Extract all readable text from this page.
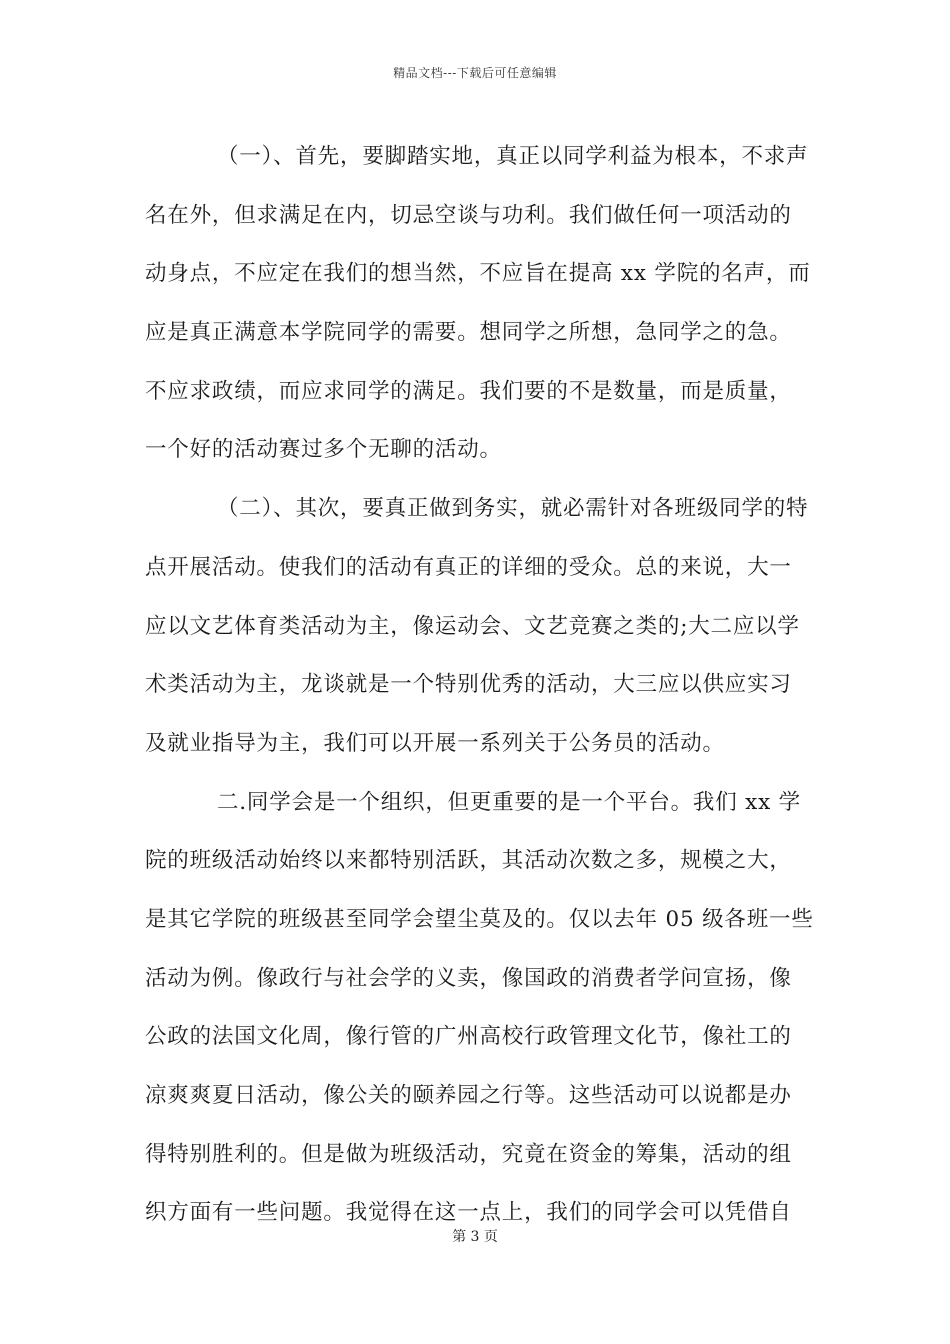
精品文档---下载后可任意编辑
（一）、首先，要脚踏实地，真正以同学利益为根本，不求声
名在外，但求满足在内，切忌空谈与功利。我们做任何一项活动的
动身点，不应定在我们的想当然，不应旨在提高 xx 学院的名声，而
应是真正满意本学院同学的需要。想同学之所想，急同学之的急。
不应求政绩，而应求同学的满足。我们要的不是数量，而是质量，
一个好的活动赛过多个无聊的活动。
（二）、其次，要真正做到务实，就必需针对各班级同学的特
点开展活动。使我们的活动有真正的详细的受众。总的来说，大一
应以文艺体育类活动为主，像运动会、文艺竞赛之类的;大二应以学
术类活动为主，龙谈就是一个特别优秀的活动，大三应以供应实习
及就业指导为主，我们可以开展一系列关于公务员的活动。
二.同学会是一个组织，但更重要的是一个平台。我们 xx 学
院的班级活动始终以来都特别活跃，其活动次数之多，规模之大，
是其它学院的班级甚至同学会望尘莫及的。仅以去年 05 级各班一些
活动为例。像政行与社会学的义卖，像国政的消费者学问宣扬，像
公政的法国文化周，像行管的广州高校行政管理文化节，像社工的
凉爽爽夏日活动，像公关的颐养园之行等。这些活动可以说都是办
得特别胜利的。但是做为班级活动，究竟在资金的筹集，活动的组
织方面有一些问题。我觉得在这一点上，我们的同学会可以凭借自
第 3 页
